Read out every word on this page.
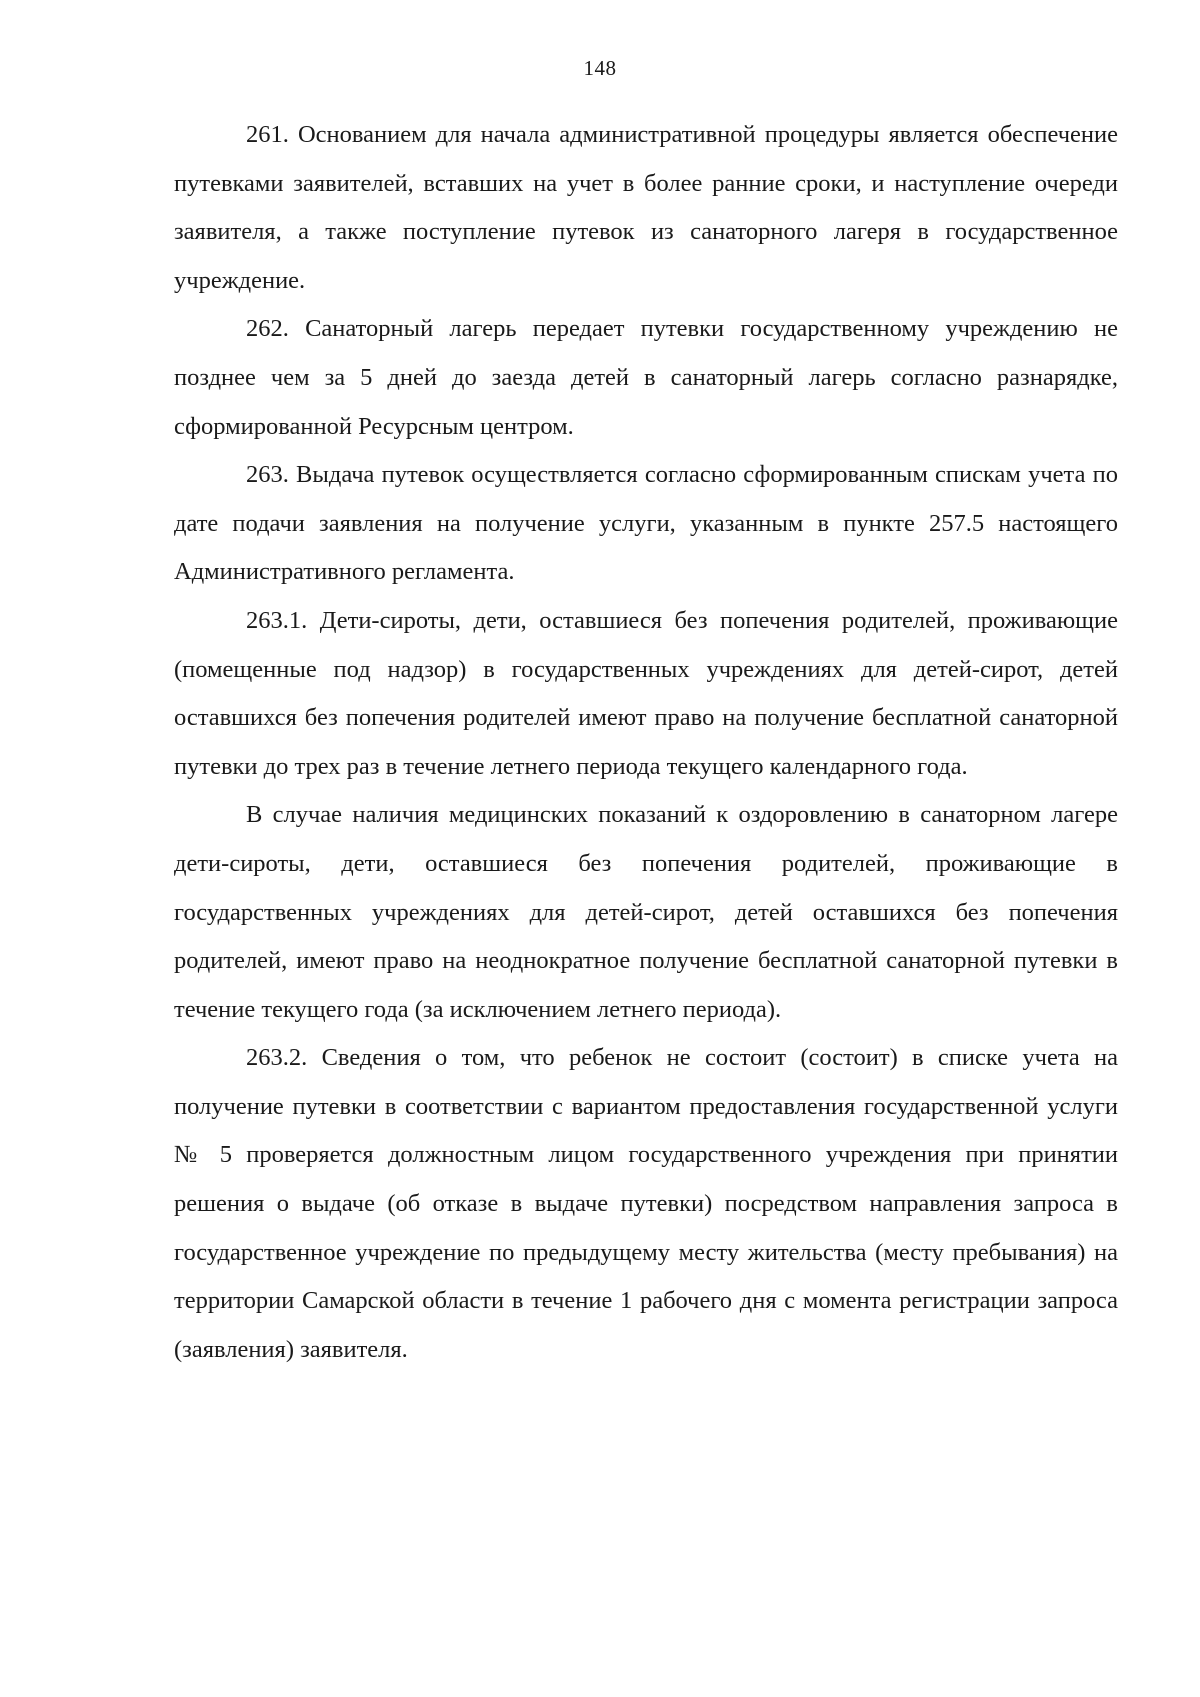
148

261. Основанием для начала административной процедуры является обеспечение путевками заявителей, вставших на учет в более ранние сроки, и наступление очереди заявителя, а также поступление путевок из санаторного лагеря в государственное учреждение.

262. Санаторный лагерь передает путевки государственному учреждению не позднее чем за 5 дней до заезда детей в санаторный лагерь согласно разнарядке, сформированной Ресурсным центром.

263. Выдача путевок осуществляется согласно сформированным спискам учета по дате подачи заявления на получение услуги, указанным в пункте 257.5 настоящего Административного регламента.

263.1. Дети-сироты, дети, оставшиеся без попечения родителей, проживающие (помещенные под надзор) в государственных учреждениях для детей-сирот, детей оставшихся без попечения родителей имеют право на получение бесплатной санаторной путевки до трех раз в течение летнего периода текущего календарного года.

В случае наличия медицинских показаний к оздоровлению в санаторном лагере дети-сироты, дети, оставшиеся без попечения родителей, проживающие в государственных учреждениях для детей-сирот, детей оставшихся без попечения родителей, имеют право на неоднократное получение бесплатной санаторной путевки в течение текущего года (за исключением летнего периода).

263.2. Сведения о том, что ребенок не состоит (состоит) в списке учета на получение путевки в соответствии с вариантом предоставления государственной услуги № 5 проверяется должностным лицом государственного учреждения при принятии решения о выдаче (об отказе в выдаче путевки) посредством направления запроса в государственное учреждение по предыдущему месту жительства (месту пребывания) на территории Самарской области в течение 1 рабочего дня с момента регистрации запроса (заявления) заявителя.
